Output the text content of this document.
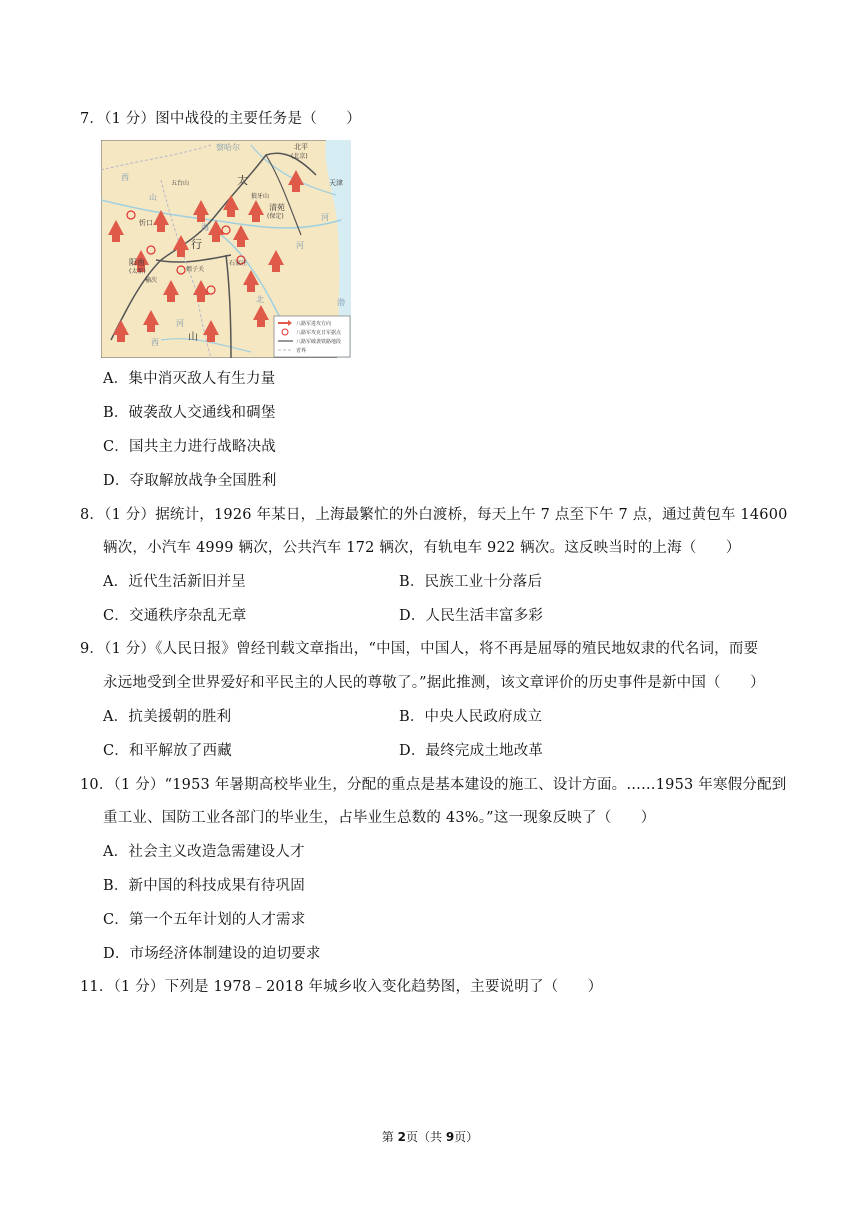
7．（1 分）图中战役的主要任务是（　　）
察哈尔	北平
(北京)
天津
五台山
狼牙山
清苑
(保定)
忻口
阳曲
(太原)
榆次
娘子关
石家庄
太
行
山
山
西
西
河
河
河
海
北	渤
八路军进攻方向
八路军攻克日军据点
八路军破袭铁路地段
省界
A．集中消灭敌人有生力量
B．破袭敌人交通线和碉堡
C．国共主力进行战略决战
D．夺取解放战争全国胜利
8．（1 分）据统计，1926 年某日，上海最繁忙的外白渡桥，每天上午 7 点至下午 7 点，通过黄包车 14600
辆次，小汽车 4999 辆次，公共汽车 172 辆次，有轨电车 922 辆次。这反映当时的上海（　　）
A．近代生活新旧并呈	B．民族工业十分落后
C．交通秩序杂乱无章	D．人民生活丰富多彩
9．（1 分）《人民日报》曾经刊载文章指出，“中国，中国人，将不再是屈辱的殖民地奴隶的代名词，而要
永远地受到全世界爱好和平民主的人民的尊敬了。”据此推测，该文章评价的历史事件是新中国（　　）
A．抗美援朝的胜利	B．中央人民政府成立
C．和平解放了西藏	D．最终完成土地改革
10．（1 分）“1953 年暑期高校毕业生，分配的重点是基本建设的施工、设计方面。……1953 年寒假分配到
重工业、国防工业各部门的毕业生，占毕业生总数的 43%。”这一现象反映了（　　）
A．社会主义改造急需建设人才
B．新中国的科技成果有待巩固
C．第一个五年计划的人才需求
D．市场经济体制建设的迫切要求
11．（1 分）下列是 1978﹣2018 年城乡收入变化趋势图，主要说明了（　　）
第 2页（共 9页）
